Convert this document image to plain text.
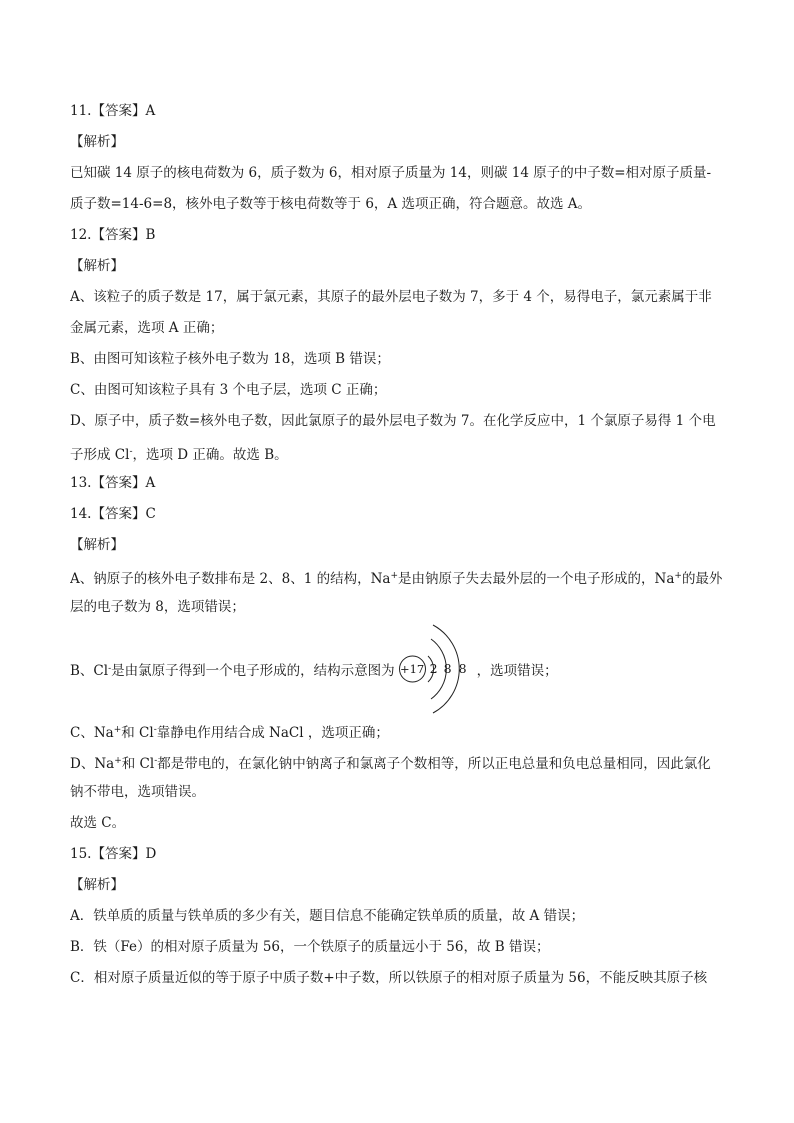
11.【答案】A
【解析】
已知碳 14 原子的核电荷数为 6，质子数为 6，相对原子质量为 14，则碳 14 原子的中子数=相对原子质量-
质子数=14-6=8，核外电子数等于核电荷数等于 6，A 选项正确，符合题意。故选 A。
12.【答案】B
【解析】
A、该粒子的质子数是 17，属于氯元素，其原子的最外层电子数为 7，多于 4 个，易得电子，氯元素属于非
金属元素，选项 A 正确；
B、由图可知该粒子核外电子数为 18，选项 B 错误；
C、由图可知该粒子具有 3 个电子层，选项 C 正确；
D、原子中，质子数=核外电子数，因此氯原子的最外层电子数为 7。在化学反应中，1 个氯原子易得 1 个电
子形成 Cl-，选项 D 正确。故选 B。
13.【答案】A
14.【答案】C
【解析】
A、钠原子的核外电子数排布是 2、8、1 的结构，Na+是由钠原子失去最外层的一个电子形成的，Na+的最外
层的电子数为 8，选项错误；
B、Cl - 是由氯原子得到一个电子形成的，结构示意图为 +17 2 8 8 ，选项错误；
C、Na+和 Cl-靠静电作用结合成 NaCl ，选项正确；
D、Na+和 Cl-都是带电的，在氯化钠中钠离子和氯离子个数相等，所以正电总量和负电总量相同，因此氯化
钠不带电，选项错误。
故选 C。
15.【答案】D
【解析】
A．铁单质的质量与铁单质的多少有关，题目信息不能确定铁单质的质量，故 A 错误；
B．铁（Fe）的相对原子质量为 56，一个铁原子的质量远小于 56，故 B 错误；
C．相对原子质量近似的等于原子中质子数+中子数，所以铁原子的相对原子质量为 56，不能反映其原子核
